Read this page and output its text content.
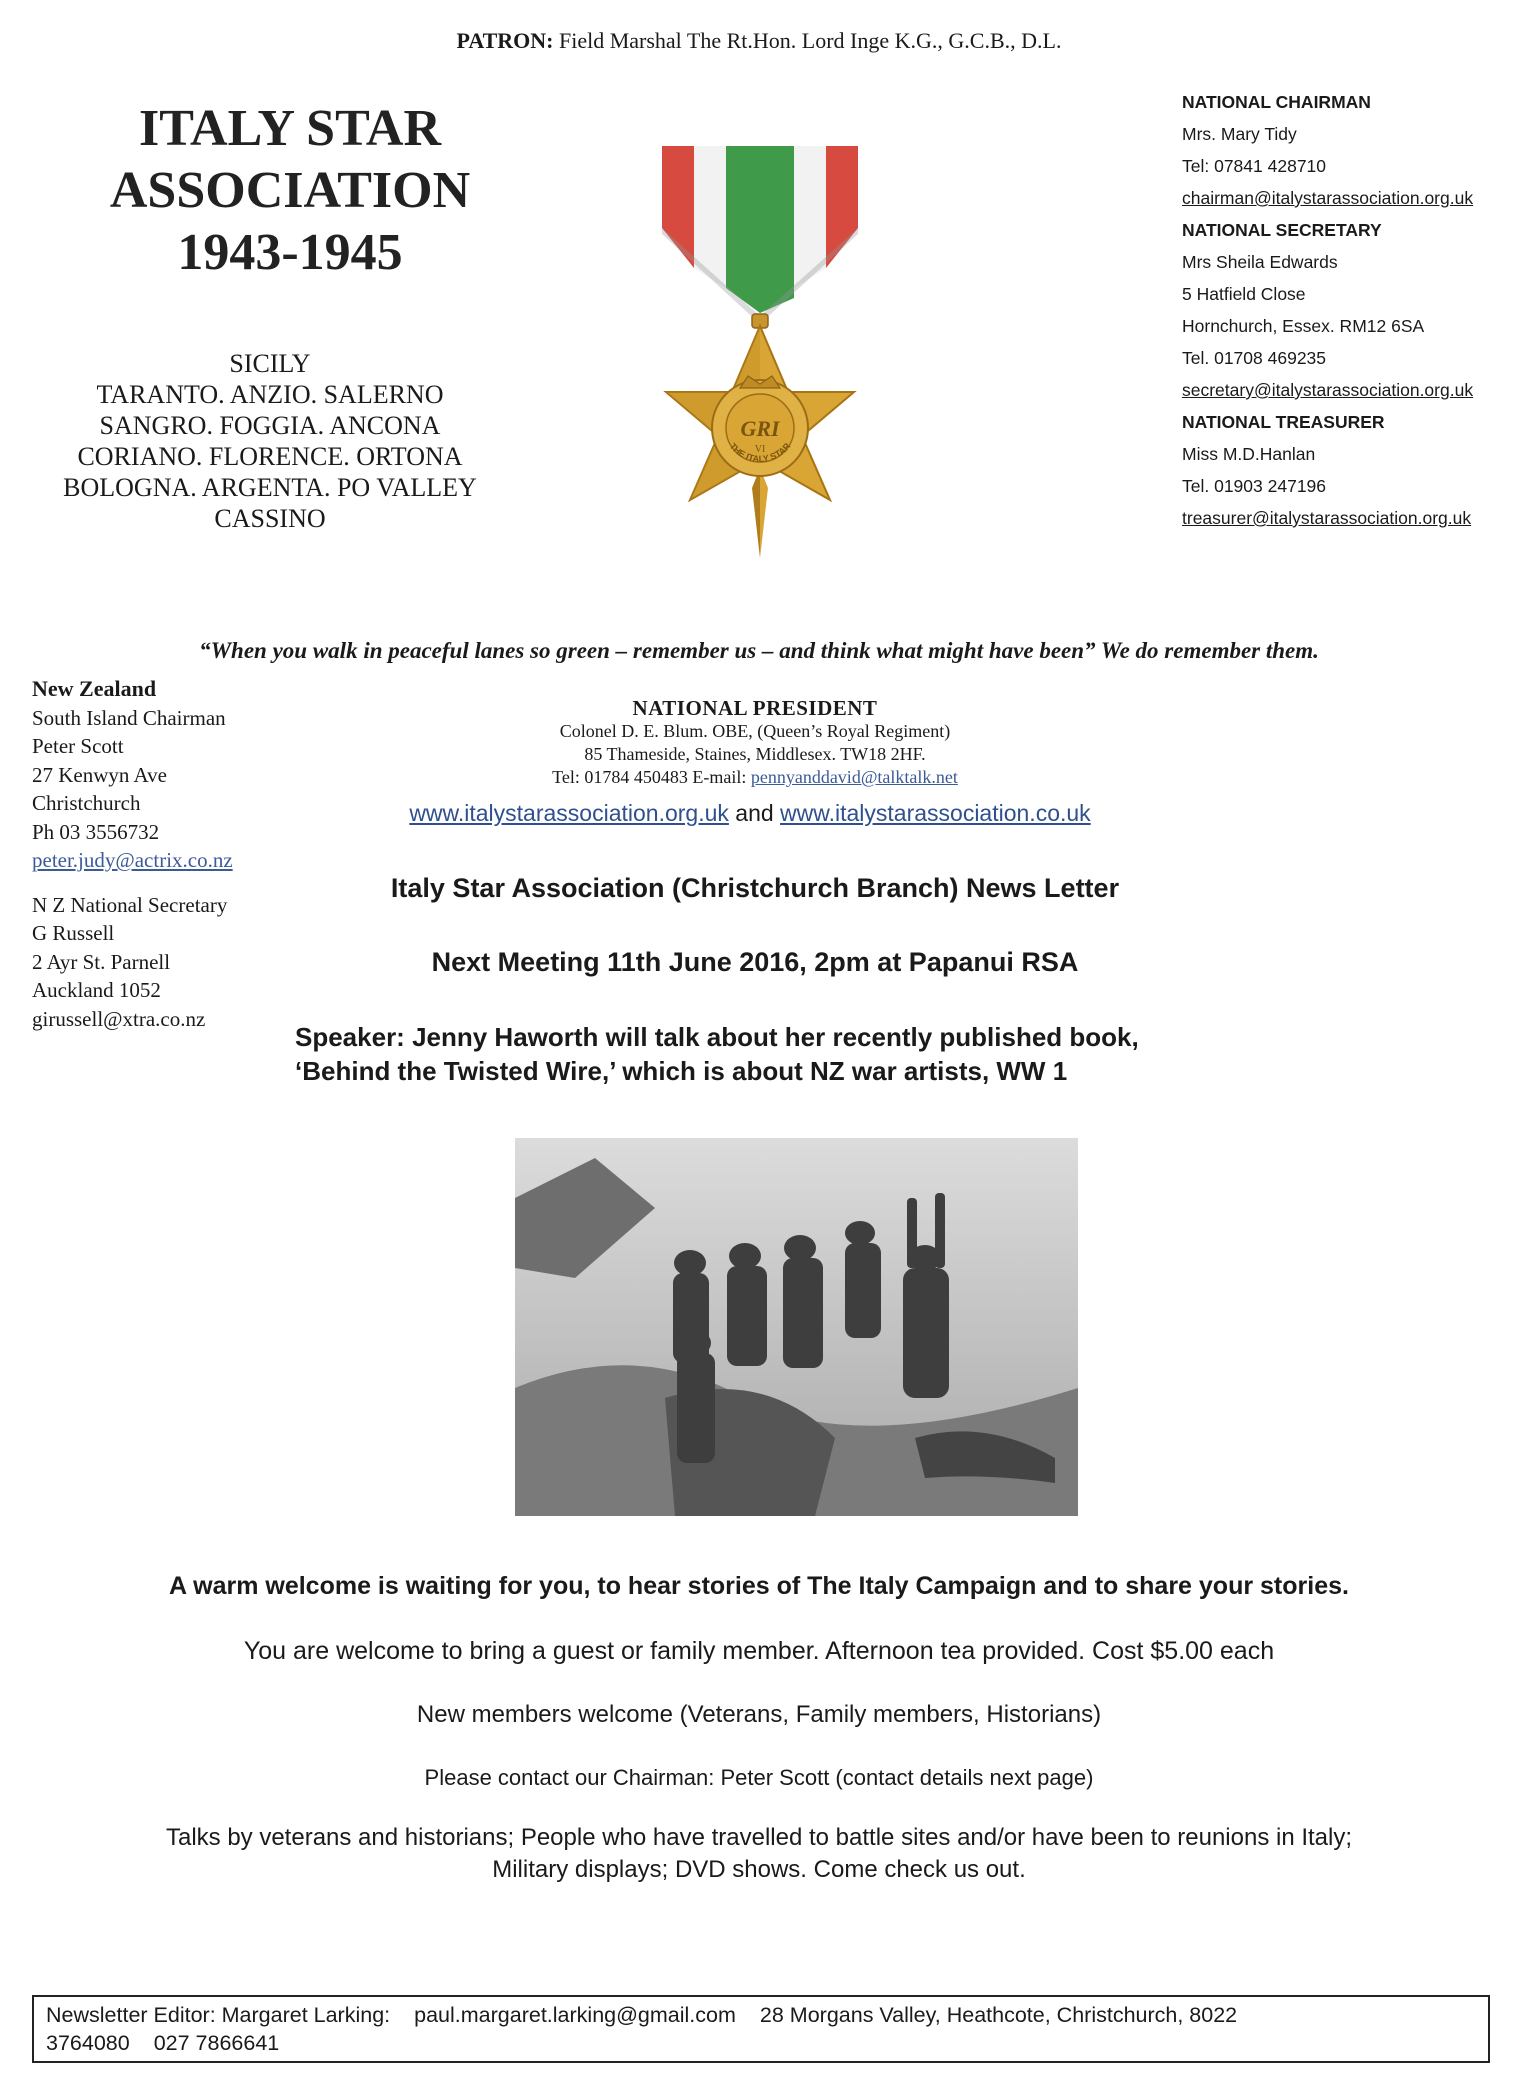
PATRON: Field Marshal The Rt.Hon. Lord Inge K.G., G.C.B., D.L.
ITALY STAR
ASSOCIATION
1943-1945
SICILY
TARANTO. ANZIO. SALERNO
SANGRO. FOGGIA. ANCONA
CORIANO. FLORENCE. ORTONA
BOLOGNA. ARGENTA. PO VALLEY
CASSINO
GRI
VI
THE ITALY STAR
NATIONAL CHAIRMAN
Mrs. Mary Tidy
Tel: 07841 428710
chairman@italystarassociation.org.uk
NATIONAL SECRETARY
Mrs Sheila Edwards
5 Hatfield Close
Hornchurch, Essex. RM12 6SA
Tel. 01708 469235
secretary@italystarassociation.org.uk
NATIONAL TREASURER
Miss M.D.Hanlan
Tel. 01903 247196
treasurer@italystarassociation.org.uk
“When you walk in peaceful lanes so green – remember us – and think what might have been” We do remember them.
New Zealand
South Island Chairman
Peter Scott
27 Kenwyn Ave
Christchurch
Ph 03 3556732
peter.judy@actrix.co.nz
N Z National Secretary
G Russell
2 Ayr St. Parnell
Auckland 1052
girussell@xtra.co.nz
NATIONAL PRESIDENT
Colonel D. E. Blum. OBE, (Queen’s Royal Regiment)
85 Thameside, Staines, Middlesex. TW18 2HF.
Tel: 01784 450483 E-mail: pennyanddavid@talktalk.net
www.italystarassociation.org.uk and www.italystarassociation.co.uk
Italy Star Association (Christchurch Branch) News Letter
Next Meeting 11th June 2016, 2pm at Papanui RSA
Speaker: Jenny Haworth will talk about her recently published book,
‘Behind the Twisted Wire,’ which is about NZ war artists, WW 1
A warm welcome is waiting for you, to hear stories of The Italy Campaign and to share your stories.
You are welcome to bring a guest or family member. Afternoon tea provided. Cost $5.00 each
New members welcome (Veterans, Family members, Historians)
Please contact our Chairman: Peter Scott (contact details next page)
Talks by veterans and historians; People who have travelled to battle sites and/or have been to reunions in Italy;
Military displays; DVD shows. Come check us out.
Newsletter Editor: Margaret Larking: paul.margaret.larking@gmail.com 28 Morgans Valley, Heathcote, Christchurch, 8022
3764080 027 7866641
